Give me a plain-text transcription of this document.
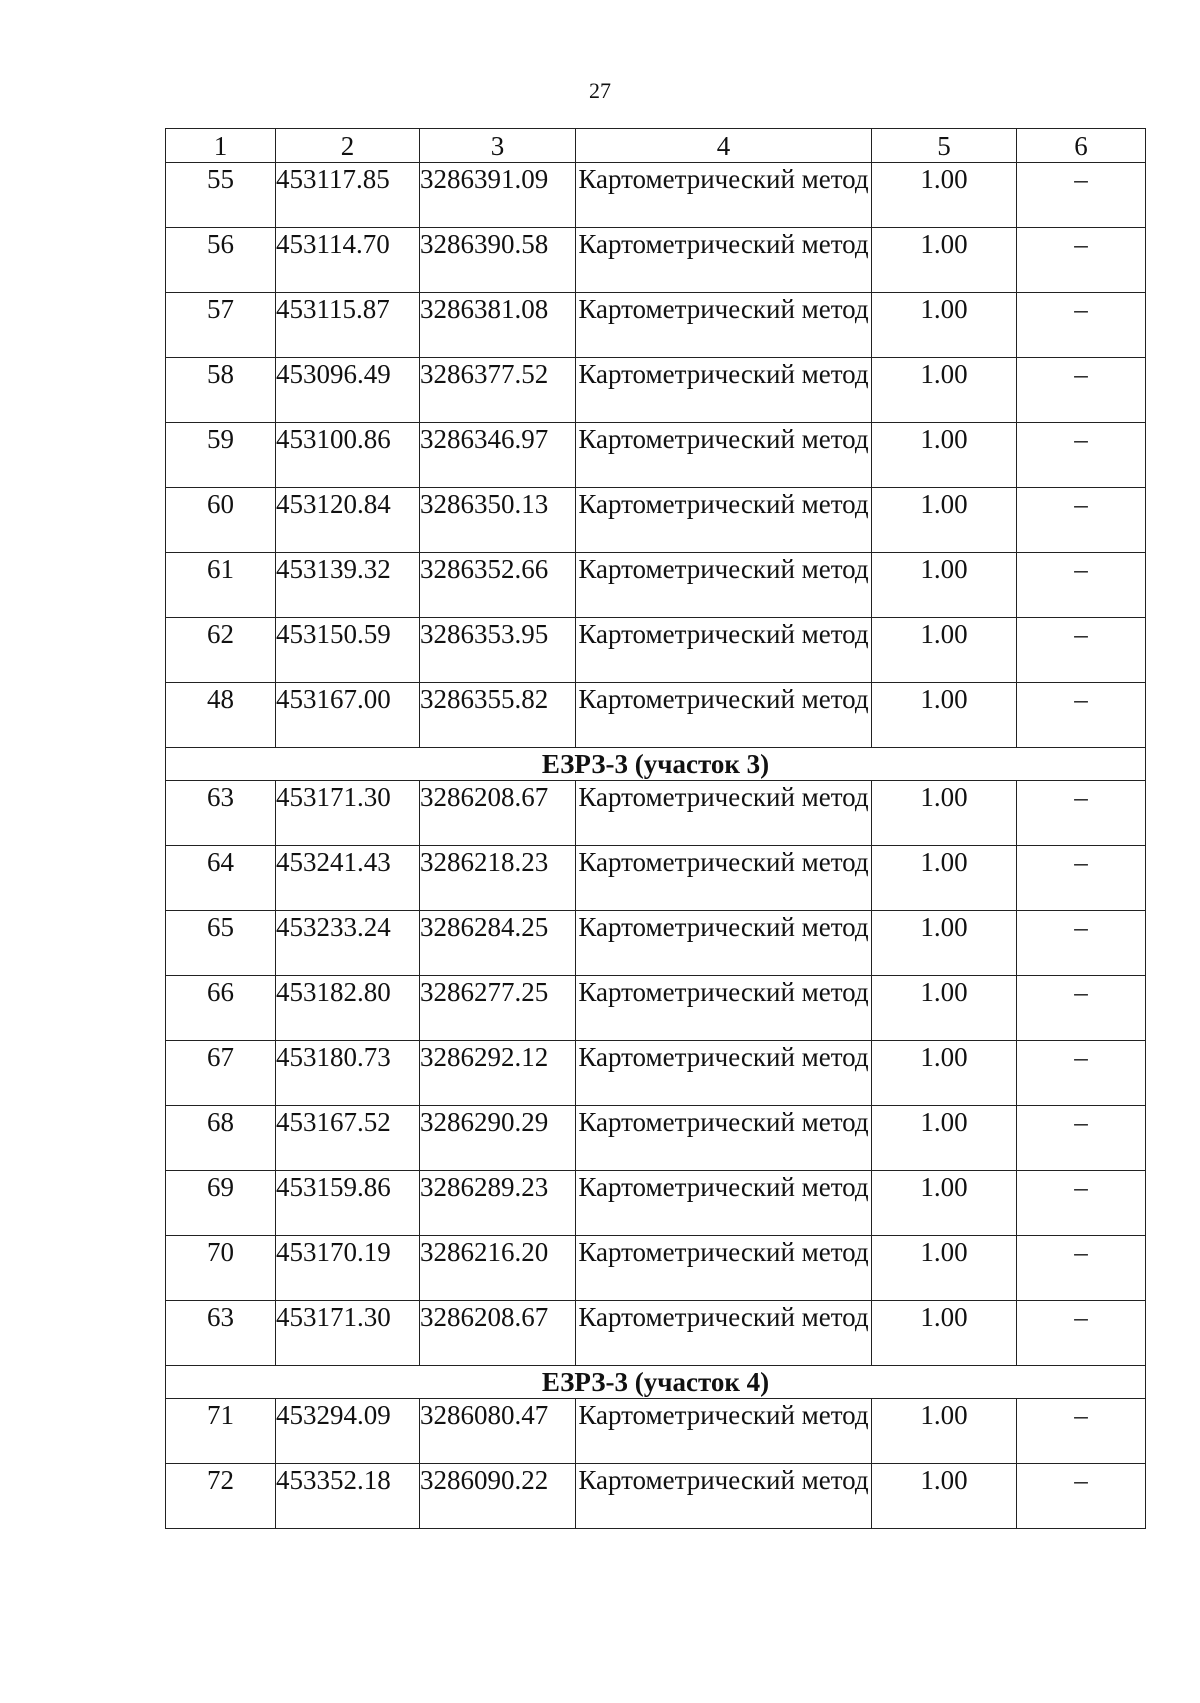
27
1	2	3	4	5	6
55	453117.85	3286391.09	Картометрический метод	1.00	–
56	453114.70	3286390.58	Картометрический метод	1.00	–
57	453115.87	3286381.08	Картометрический метод	1.00	–
58	453096.49	3286377.52	Картометрический метод	1.00	–
59	453100.86	3286346.97	Картометрический метод	1.00	–
60	453120.84	3286350.13	Картометрический метод	1.00	–
61	453139.32	3286352.66	Картометрический метод	1.00	–
62	453150.59	3286353.95	Картометрический метод	1.00	–
48	453167.00	3286355.82	Картометрический метод	1.00	–
ЕЗРЗ-3 (участок 3)					
63	453171.30	3286208.67	Картометрический метод	1.00	–
64	453241.43	3286218.23	Картометрический метод	1.00	–
65	453233.24	3286284.25	Картометрический метод	1.00	–
66	453182.80	3286277.25	Картометрический метод	1.00	–
67	453180.73	3286292.12	Картометрический метод	1.00	–
68	453167.52	3286290.29	Картометрический метод	1.00	–
69	453159.86	3286289.23	Картометрический метод	1.00	–
70	453170.19	3286216.20	Картометрический метод	1.00	–
63	453171.30	3286208.67	Картометрический метод	1.00	–
ЕЗРЗ-3 (участок 4)					
71	453294.09	3286080.47	Картометрический метод	1.00	–
72	453352.18	3286090.22	Картометрический метод	1.00	–
